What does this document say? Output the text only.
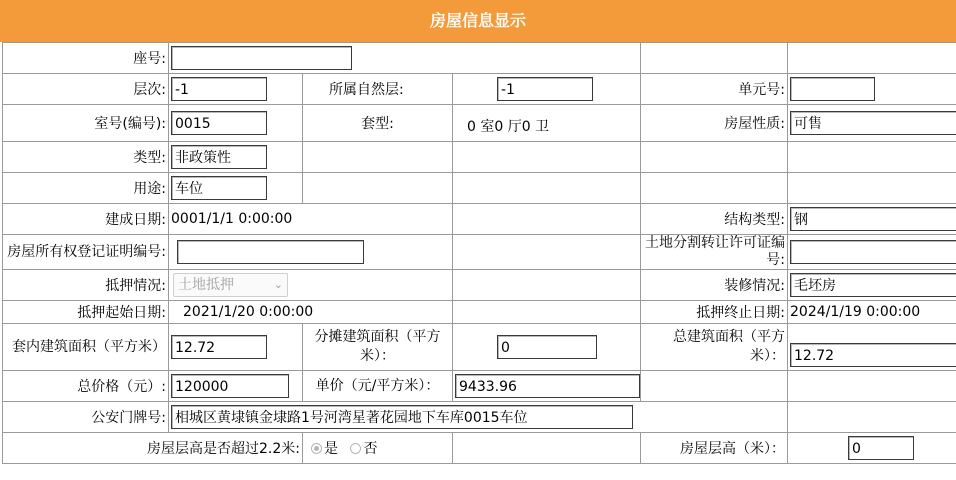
房屋信息显示
座号:					
层次:	-1	所属自然层:	-1	单元号:	
室号(编号):	0015	套型:	0 室0 厅0 卫	房屋性质:	可售
类型:	非政策性				
用途:	车位				
建成日期:	0001/1/1 0:00:00			结构类型:	钢
房屋所有权登记证明编号:				土地分割转让许可证编号:	
抵押情况:	土地抵押 ⌄			装修情况:	毛坯房
抵押起始日期:	2021/1/20 0:00:00			抵押终止日期:	2024/1/19 0:00:00
套内建筑面积（平方米）	12.72	分摊建筑面积（平方米）：	0	总建筑面积（平方米）：	12.72
总价格（元）:	120000	单价（元/平方米）：	9433.96		
公安门牌号:	相城区黄埭镇金埭路1号河湾星著花园地下车库0015车位				
房屋层高是否超过2.2米:		是 否		房屋层高（米）：	0
